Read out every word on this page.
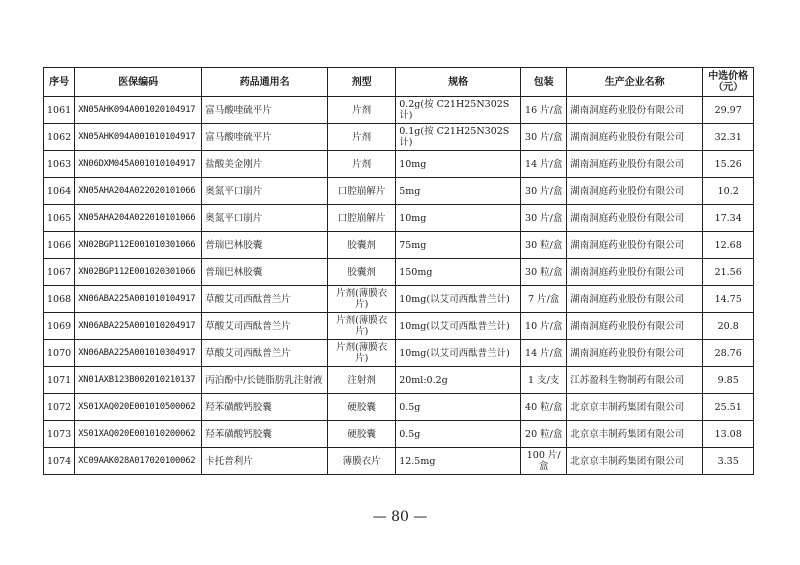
序号	医保编码	药品通用名	剂型	规格	包装	生产企业名称	中选价格（元）
1061	XN05AHK094A001020104917	富马酸喹硫平片	片剂	0.2g(按 C21H25N302S 计)	16 片/盒	湖南洞庭药业股份有限公司	29.97
1062	XN05AHK094A001010104917	富马酸喹硫平片	片剂	0.1g(按 C21H25N302S 计)	30 片/盒	湖南洞庭药业股份有限公司	32.31
1063	XN06DXM045A001010104917	盐酸美金刚片	片剂	10mg	14 片/盒	湖南洞庭药业股份有限公司	15.26
1064	XN05AHA204A022020101066	奥氮平口崩片	口腔崩解片	5mg	30 片/盒	湖南洞庭药业股份有限公司	10.2
1065	XN05AHA204A022010101066	奥氮平口崩片	口腔崩解片	10mg	30 片/盒	湖南洞庭药业股份有限公司	17.34
1066	XN02BGP112E001010301066	普瑞巴林胶囊	胶囊剂	75mg	30 粒/盒	湖南洞庭药业股份有限公司	12.68
1067	XN02BGP112E001020301066	普瑞巴林胶囊	胶囊剂	150mg	30 粒/盒	湖南洞庭药业股份有限公司	21.56
1068	XN06ABA225A001010104917	草酸艾司西酞普兰片	片剂(薄膜衣片)	10mg(以艾司西酞普兰计)	7 片/盒	湖南洞庭药业股份有限公司	14.75
1069	XN06ABA225A001010204917	草酸艾司西酞普兰片	片剂(薄膜衣片)	10mg(以艾司西酞普兰计)	10 片/盒	湖南洞庭药业股份有限公司	20.8
1070	XN06ABA225A001010304917	草酸艾司西酞普兰片	片剂(薄膜衣片)	10mg(以艾司西酞普兰计)	14 片/盒	湖南洞庭药业股份有限公司	28.76
1071	XN01AXB123B002010210137	丙泊酚中/长链脂肪乳注射液	注射剂	20ml:0.2g	1 支/支	江苏盈科生物制药有限公司	9.85
1072	XS01XAQ020E001010500062	羟苯磺酸钙胶囊	硬胶囊	0.5g	40 粒/盒	北京京丰制药集团有限公司	25.51
1073	XS01XAQ020E001010200062	羟苯磺酸钙胶囊	硬胶囊	0.5g	20 粒/盒	北京京丰制药集团有限公司	13.08
1074	XC09AAK028A017020100062	卡托普利片	薄膜衣片	12.5mg	100 片/盒	北京京丰制药集团有限公司	3.35
— 80 —
